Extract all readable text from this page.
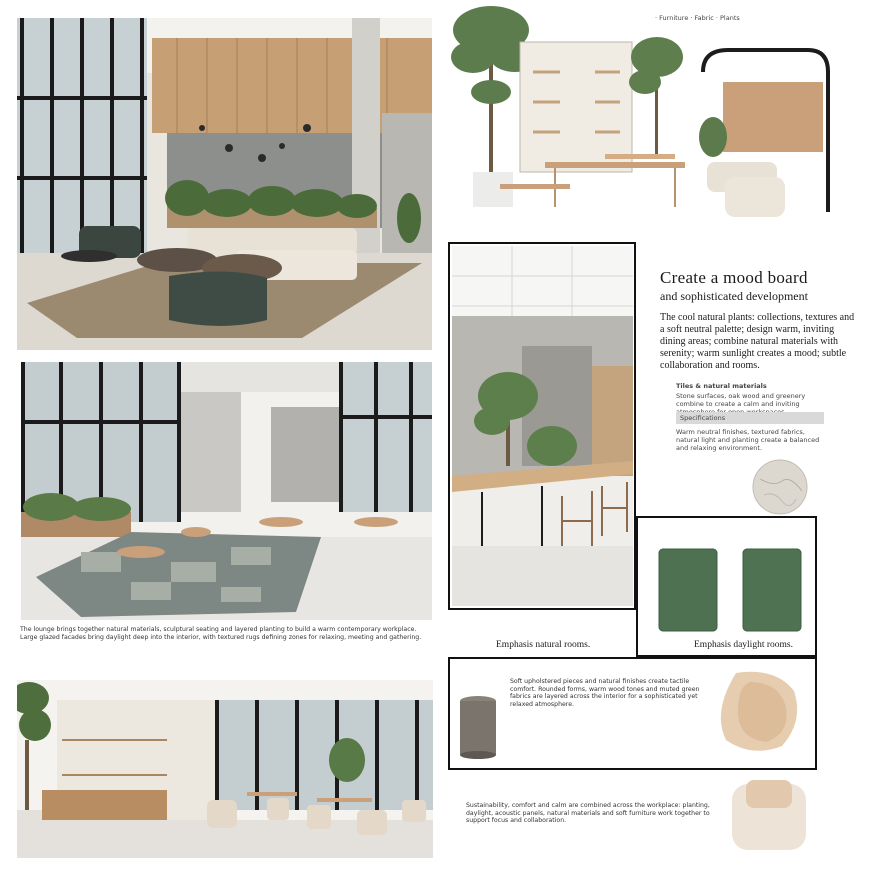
· Furniture · Fabric · Plants
The lounge brings together natural materials, sculptural seating and layered planting to build a warm contemporary workplace. Large glazed facades bring daylight deep into the interior, with textured rugs defining zones for relaxing, meeting and gathering.
Create a mood board
and sophisticated development
The cool natural plants: collections, textures and a soft neutral palette; design warm, inviting dining areas; combine natural materials with serenity; warm sunlight creates a mood; subtle collaboration and rooms.
Tiles & natural materials
Stone surfaces, oak wood and greenery combine to create a calm and inviting
Specifications
Warm neutral finishes, textured fabrics, natural light and planting create a balanced and relaxing environment.
Emphasis natural rooms.	Emphasis daylight rooms.
Soft upholstered pieces and natural finishes create tactile comfort. Rounded forms, warm wood tones and muted green fabrics are layered across the interior for a sophisticated yet relaxed atmosphere.
Sustainability, comfort and calm are combined across the workplace: planting, daylight, acoustic panels, natural materials and soft furniture work together to support focus and collaboration.
